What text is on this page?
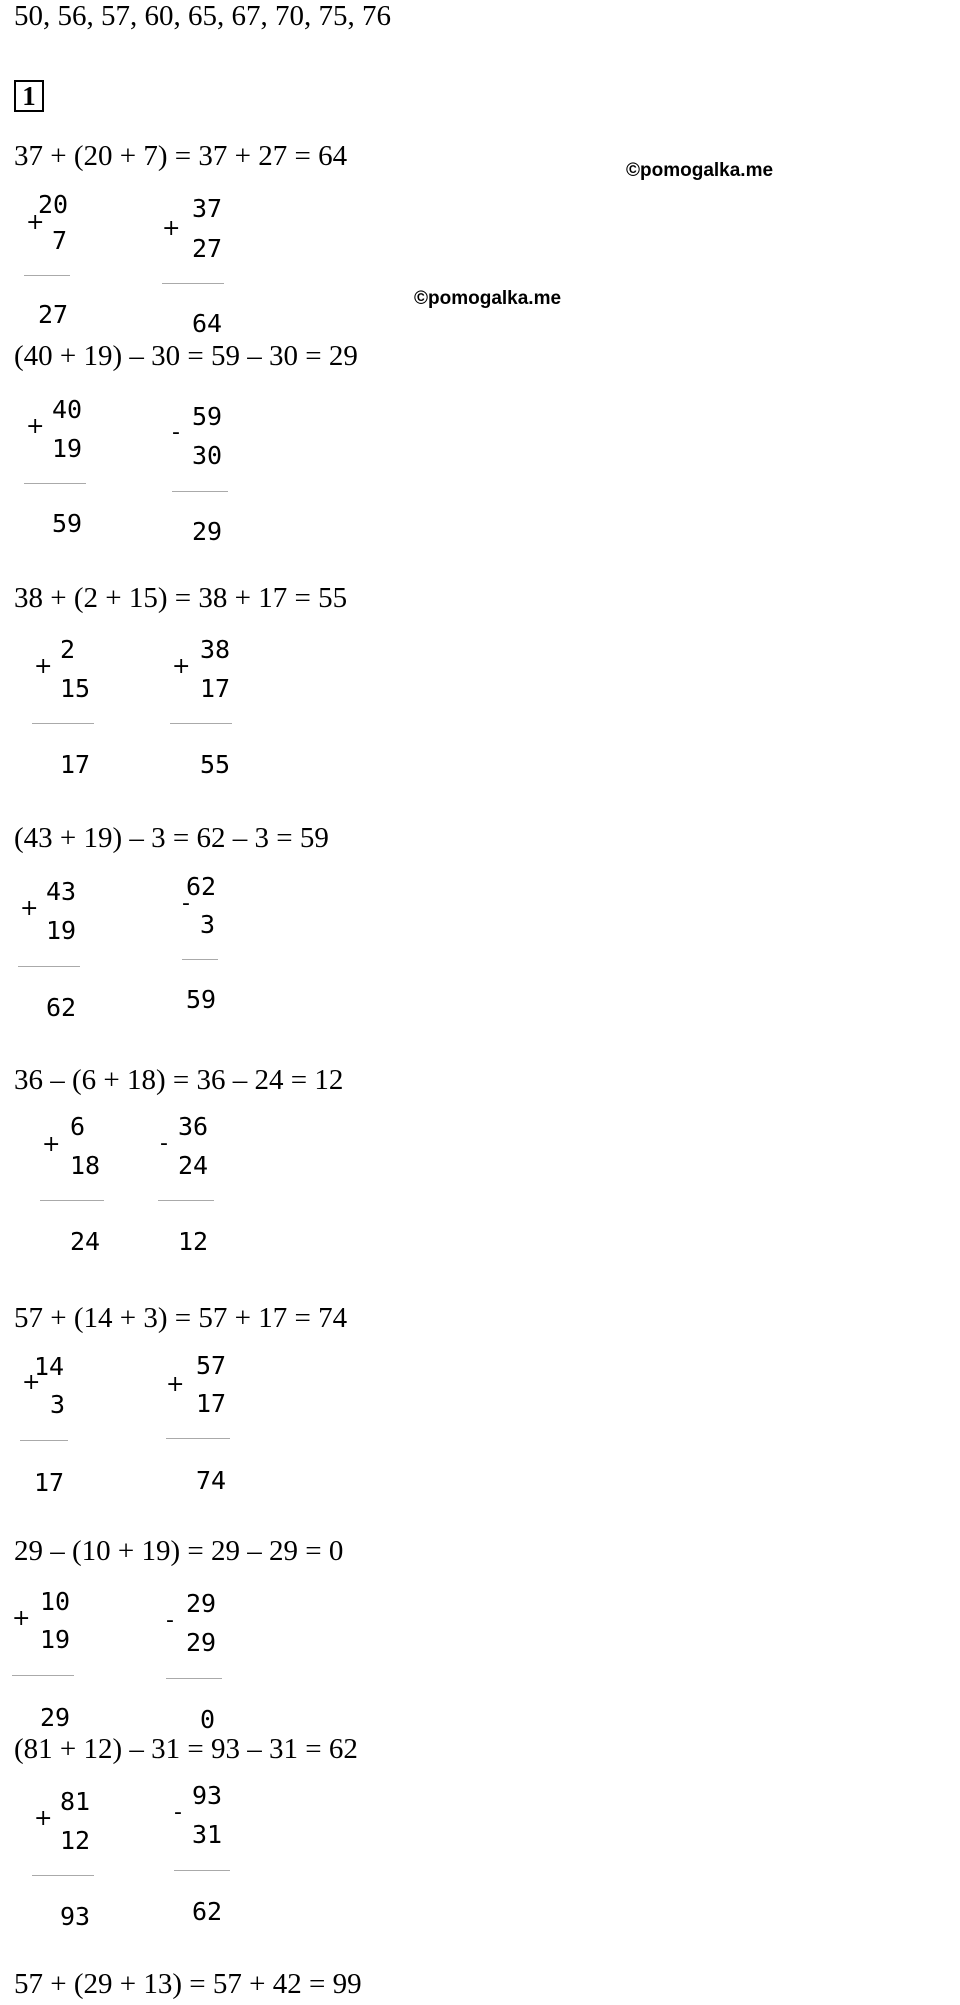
50, 56, 57, 60, 65, 67, 70, 75, 76
1
©pomogalka.me
©pomogalka.me
37 + (20 + 7) = 37 + 27 = 64
+
20
7
27
+
37
27
64
(40 + 19) – 30 = 59 – 30 = 29
+
40
19
59
-
59
30
29
38 + (2 + 15) = 38 + 17 = 55
+
2
15
17
+
38
17
55
(43 + 19) – 3 = 62 – 3 = 59
+
43
19
62
-
62
3
59
36 – (6 + 18) = 36 – 24 = 12
+
6
18
24
-
36
24
12
57 + (14 + 3) = 57 + 17 = 74
+
14
3
17
+
57
17
74
29 – (10 + 19) = 29 – 29 = 0
+
10
19
29
-
29
29
0
(81 + 12) – 31 = 93 – 31 = 62
+
81
12
93
-
93
31
62
57 + (29 + 13) = 57 + 42 = 99
